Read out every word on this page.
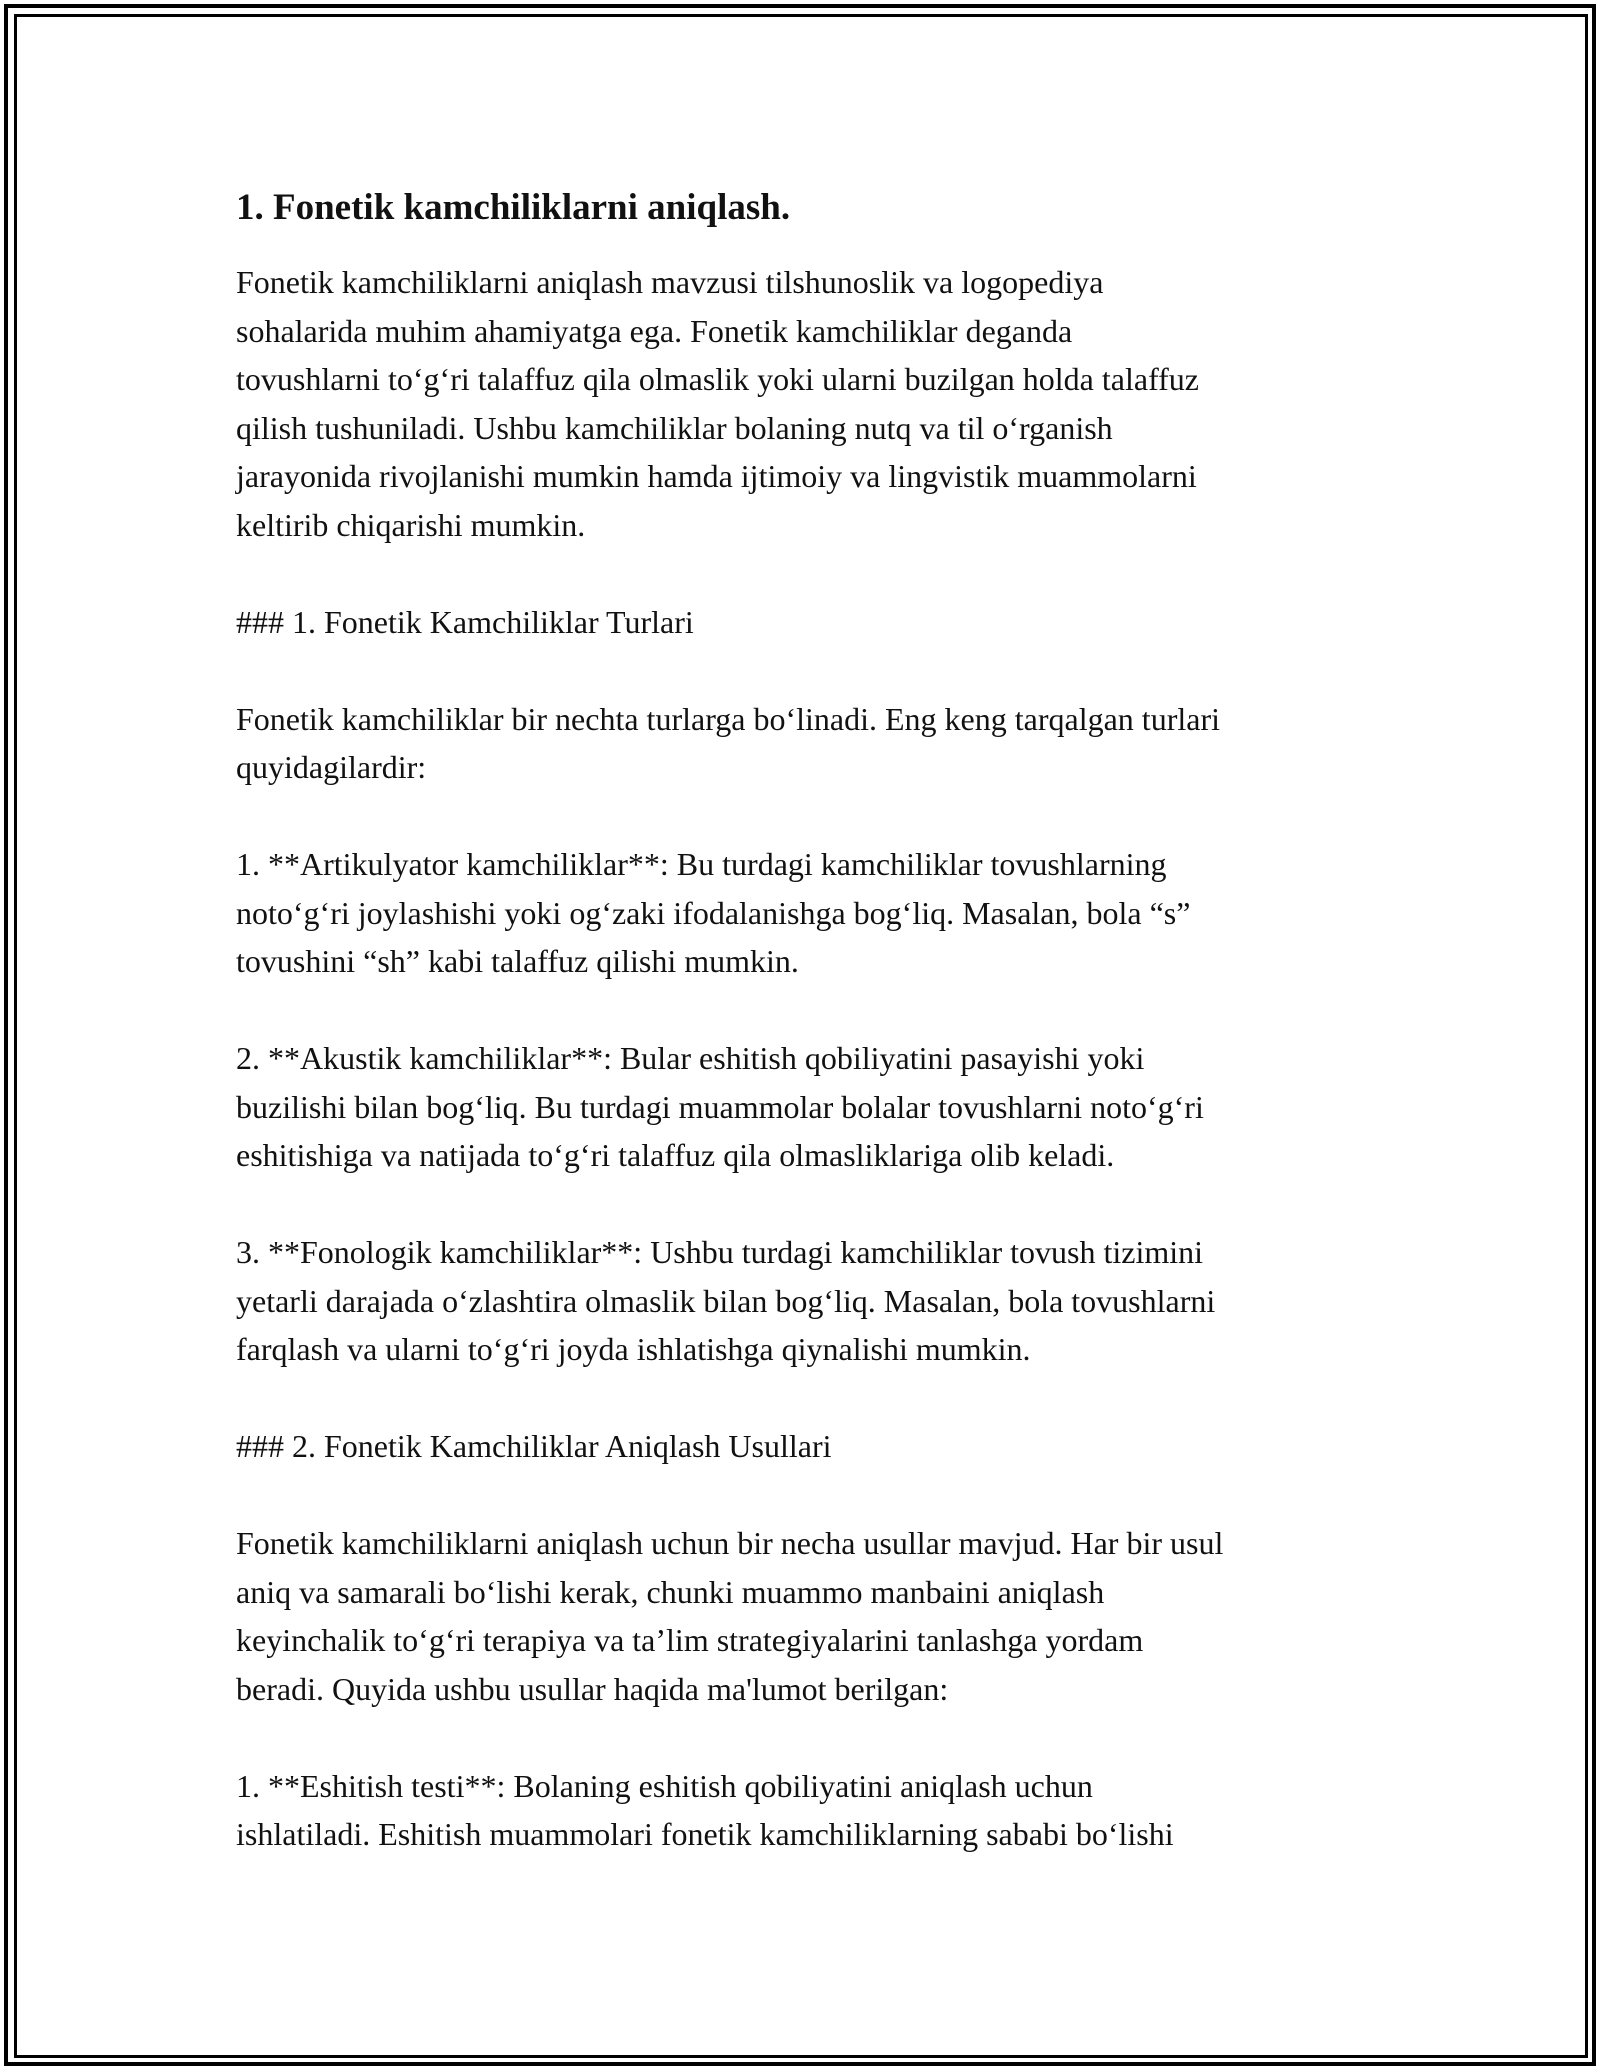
1. Fonetik kamchiliklarni aniqlash.
Fonetik kamchiliklarni aniqlash mavzusi tilshunoslik va logopediya
sohalarida muhim ahamiyatga ega. Fonetik kamchiliklar deganda
tovushlarni to‘g‘ri talaffuz qila olmaslik yoki ularni buzilgan holda talaffuz
qilish tushuniladi. Ushbu kamchiliklar bolaning nutq va til o‘rganish
jarayonida rivojlanishi mumkin hamda ijtimoiy va lingvistik muammolarni
keltirib chiqarishi mumkin.
### 1. Fonetik Kamchiliklar Turlari
Fonetik kamchiliklar bir nechta turlarga bo‘linadi. Eng keng tarqalgan turlari
quyidagilardir:
1. **Artikulyator kamchiliklar**: Bu turdagi kamchiliklar tovushlarning
noto‘g‘ri joylashishi yoki og‘zaki ifodalanishga bog‘liq. Masalan, bola “s”
tovushini “sh” kabi talaffuz qilishi mumkin.
2. **Akustik kamchiliklar**: Bular eshitish qobiliyatini pasayishi yoki
buzilishi bilan bog‘liq. Bu turdagi muammolar bolalar tovushlarni noto‘g‘ri
eshitishiga va natijada to‘g‘ri talaffuz qila olmasliklariga olib keladi.
3. **Fonologik kamchiliklar**: Ushbu turdagi kamchiliklar tovush tizimini
yetarli darajada o‘zlashtira olmaslik bilan bog‘liq. Masalan, bola tovushlarni
farqlash va ularni to‘g‘ri joyda ishlatishga qiynalishi mumkin.
### 2. Fonetik Kamchiliklar Aniqlash Usullari
Fonetik kamchiliklarni aniqlash uchun bir necha usullar mavjud. Har bir usul
aniq va samarali bo‘lishi kerak, chunki muammo manbaini aniqlash
keyinchalik to‘g‘ri terapiya va ta’lim strategiyalarini tanlashga yordam
beradi. Quyida ushbu usullar haqida ma'lumot berilgan:
1. **Eshitish testi**: Bolaning eshitish qobiliyatini aniqlash uchun
ishlatiladi. Eshitish muammolari fonetik kamchiliklarning sababi bo‘lishi
